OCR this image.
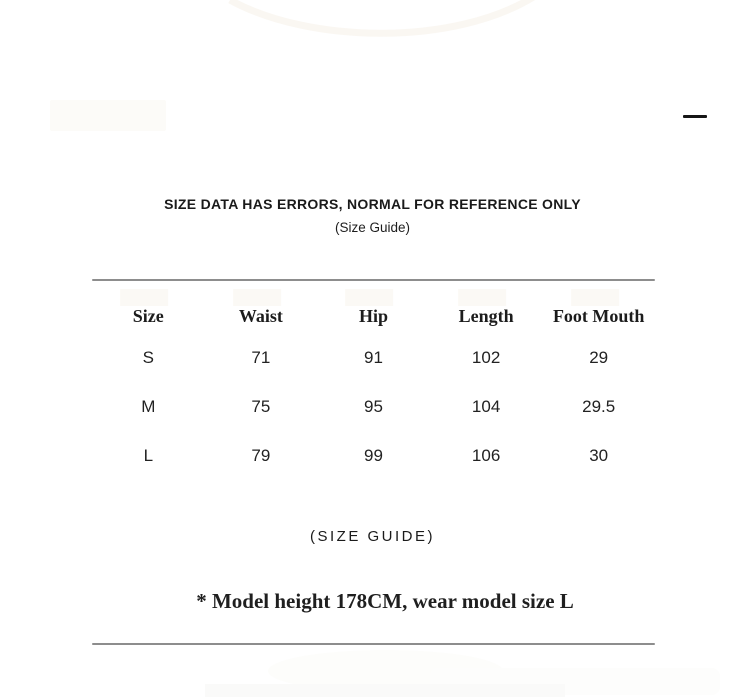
SIZE DATA HAS ERRORS, NORMAL FOR REFERENCE ONLY
(Size Guide)
Size	Waist	Hip	Length	Foot Mouth
S	71	91	102	29
M	75	95	104	29.5
L	79	99	106	30
(SIZE GUIDE)
* Model height 178CM, wear model size L
